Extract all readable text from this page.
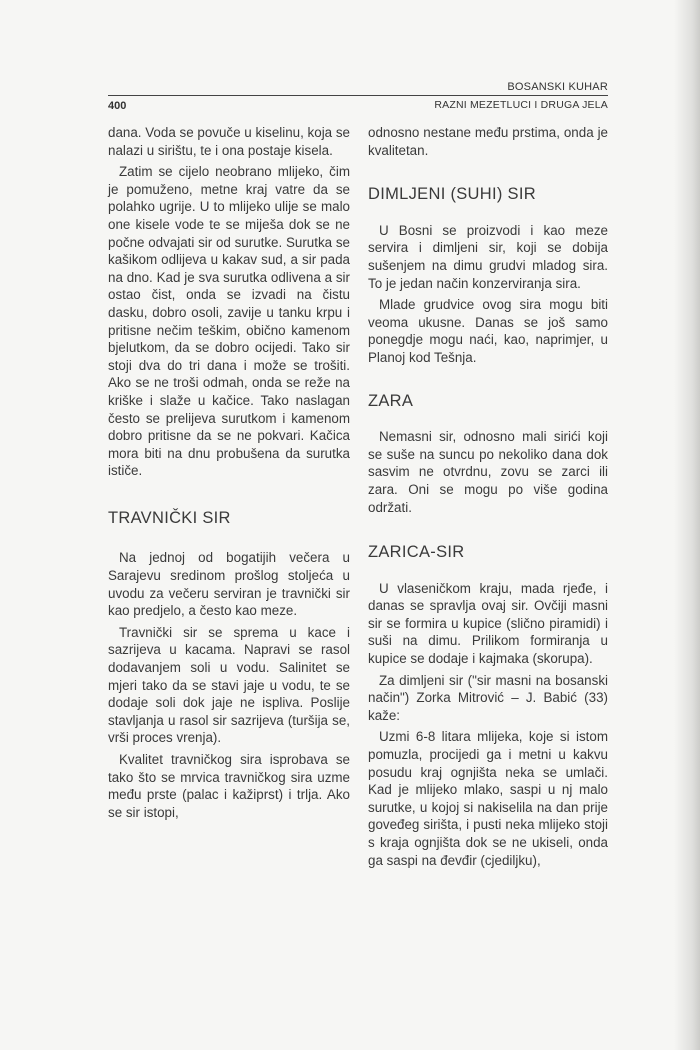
BOSANSKI KUHAR
400	RAZNI MEZETLUCI I DRUGA JELA

dana. Voda se povuče u kiselinu, koja se nalazi u sirištu, te i ona postaje kisela.

Zatim se cijelo neobrano mlijeko, čim je pomuženo, metne kraj vatre da se polahko ugrije. U to mlijeko ulije se malo one kisele vode te se miješa dok se ne počne odvajati sir od surutke. Surutka se kašikom odlijeva u kakav sud, a sir pada na dno. Kad je sva surutka odlivena a sir ostao čist, onda se izvadi na čistu dasku, dobro osoli, zavije u tanku krpu i pritisne nečim teškim, obično kamenom bjelutkom, da se dobro ocijedi. Tako sir stoji dva do tri dana i može se trošiti. Ako se ne troši odmah, onda se reže na kriške i slaže u kačice. Tako naslagan često se prelijeva surutkom i kamenom dobro pritisne da se ne pokvari. Kačica mora biti na dnu probušena da surutka ističe.

TRAVNIČKI SIR

Na jednoj od bogatijih večera u Sarajevu sredinom prošlog stoljeća u uvodu za večeru serviran je travnički sir kao predjelo, a često kao meze.

Travnički sir se sprema u kace i sazrijeva u kacama. Napravi se rasol dodavanjem soli u vodu. Salinitet se mjeri tako da se stavi jaje u vodu, te se dodaje soli dok jaje ne ispliva. Poslije stavljanja u rasol sir sazrijeva (turšija se, vrši proces vrenja).

Kvalitet travničkog sira isprobava se tako što se mrvica travničkog sira uzme među prste (palac i kažiprst) i trlja. Ako se sir istopi,

odnosno nestane među prstima, onda je kvalitetan.

DIMLJENI (SUHI) SIR

U Bosni se proizvodi i kao meze servira i dimljeni sir, koji se dobija sušenjem na dimu grudvi mladog sira. To je jedan način konzerviranja sira.

Mlade grudvice ovog sira mogu biti veoma ukusne. Danas se još samo ponegdje mogu naći, kao, naprimjer, u Planoj kod Tešnja.

ZARA

Nemasni sir, odnosno mali sirići koji se suše na suncu po nekoliko dana dok sasvim ne otvrdnu, zovu se zarci ili zara. Oni se mogu po više godina održati.

ZARICA-SIR

U vlaseničkom kraju, mada rjeđe, i danas se spravlja ovaj sir. Ovčiji masni sir se formira u kupice (slično piramidi) i suši na dimu. Prilikom formiranja u kupice se dodaje i kajmaka (skorupa).

Za dimljeni sir ("sir masni na bosanski način") Zorka Mitrović – J. Babić (33) kaže:

Uzmi 6-8 litara mlijeka, koje si istom pomuzla, procijedi ga i metni u kakvu posudu kraj ognjišta neka se umlači. Kad je mlijeko mlako, saspi u nj malo surutke, u kojoj si nakiselila na dan prije goveđeg sirišta, i pusti neka mlijeko stoji s kraja ognjišta dok se ne ukiseli, onda ga saspi na đevđir (cjediljku),
